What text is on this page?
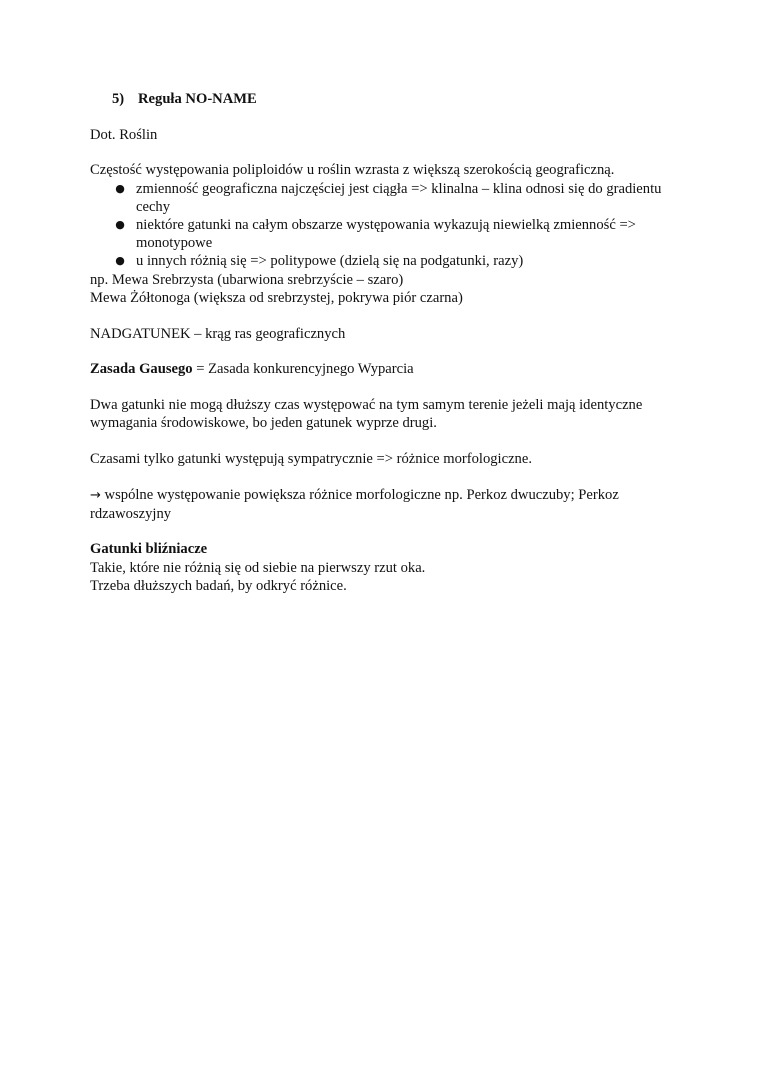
5) Reguła NO-NAME

Dot. Roślin

Częstość występowania poliploidów u roślin wzrasta z większą szerokością geograficzną.

● zmienność geograficzna najczęściej jest ciągła => klinalna – klina odnosi się do gradientu cechy
● niektóre gatunki na całym obszarze występowania wykazują niewielką zmienność => monotypowe
● u innych różnią się => politypowe (dzielą się na podgatunki, razy)

np. Mewa Srebrzysta (ubarwiona srebrzyście – szaro)

Mewa Żółtonoga (większa od srebrzystej, pokrywa piór czarna)

NADGATUNEK – krąg ras geograficznych

Zasada Gausego = Zasada konkurencyjnego Wyparcia

Dwa gatunki nie mogą dłuższy czas występować na tym samym terenie jeżeli mają identyczne wymagania środowiskowe, bo jeden gatunek wyprze drugi.

Czasami tylko gatunki występują sympatrycznie => różnice morfologiczne.

→ wspólne występowanie powiększa różnice morfologiczne np. Perkoz dwuczuby; Perkoz rdzawoszyjny

Gatunki bliźniacze

Takie, które nie różnią się od siebie na pierwszy rzut oka.

Trzeba dłuższych badań, by odkryć różnice.
